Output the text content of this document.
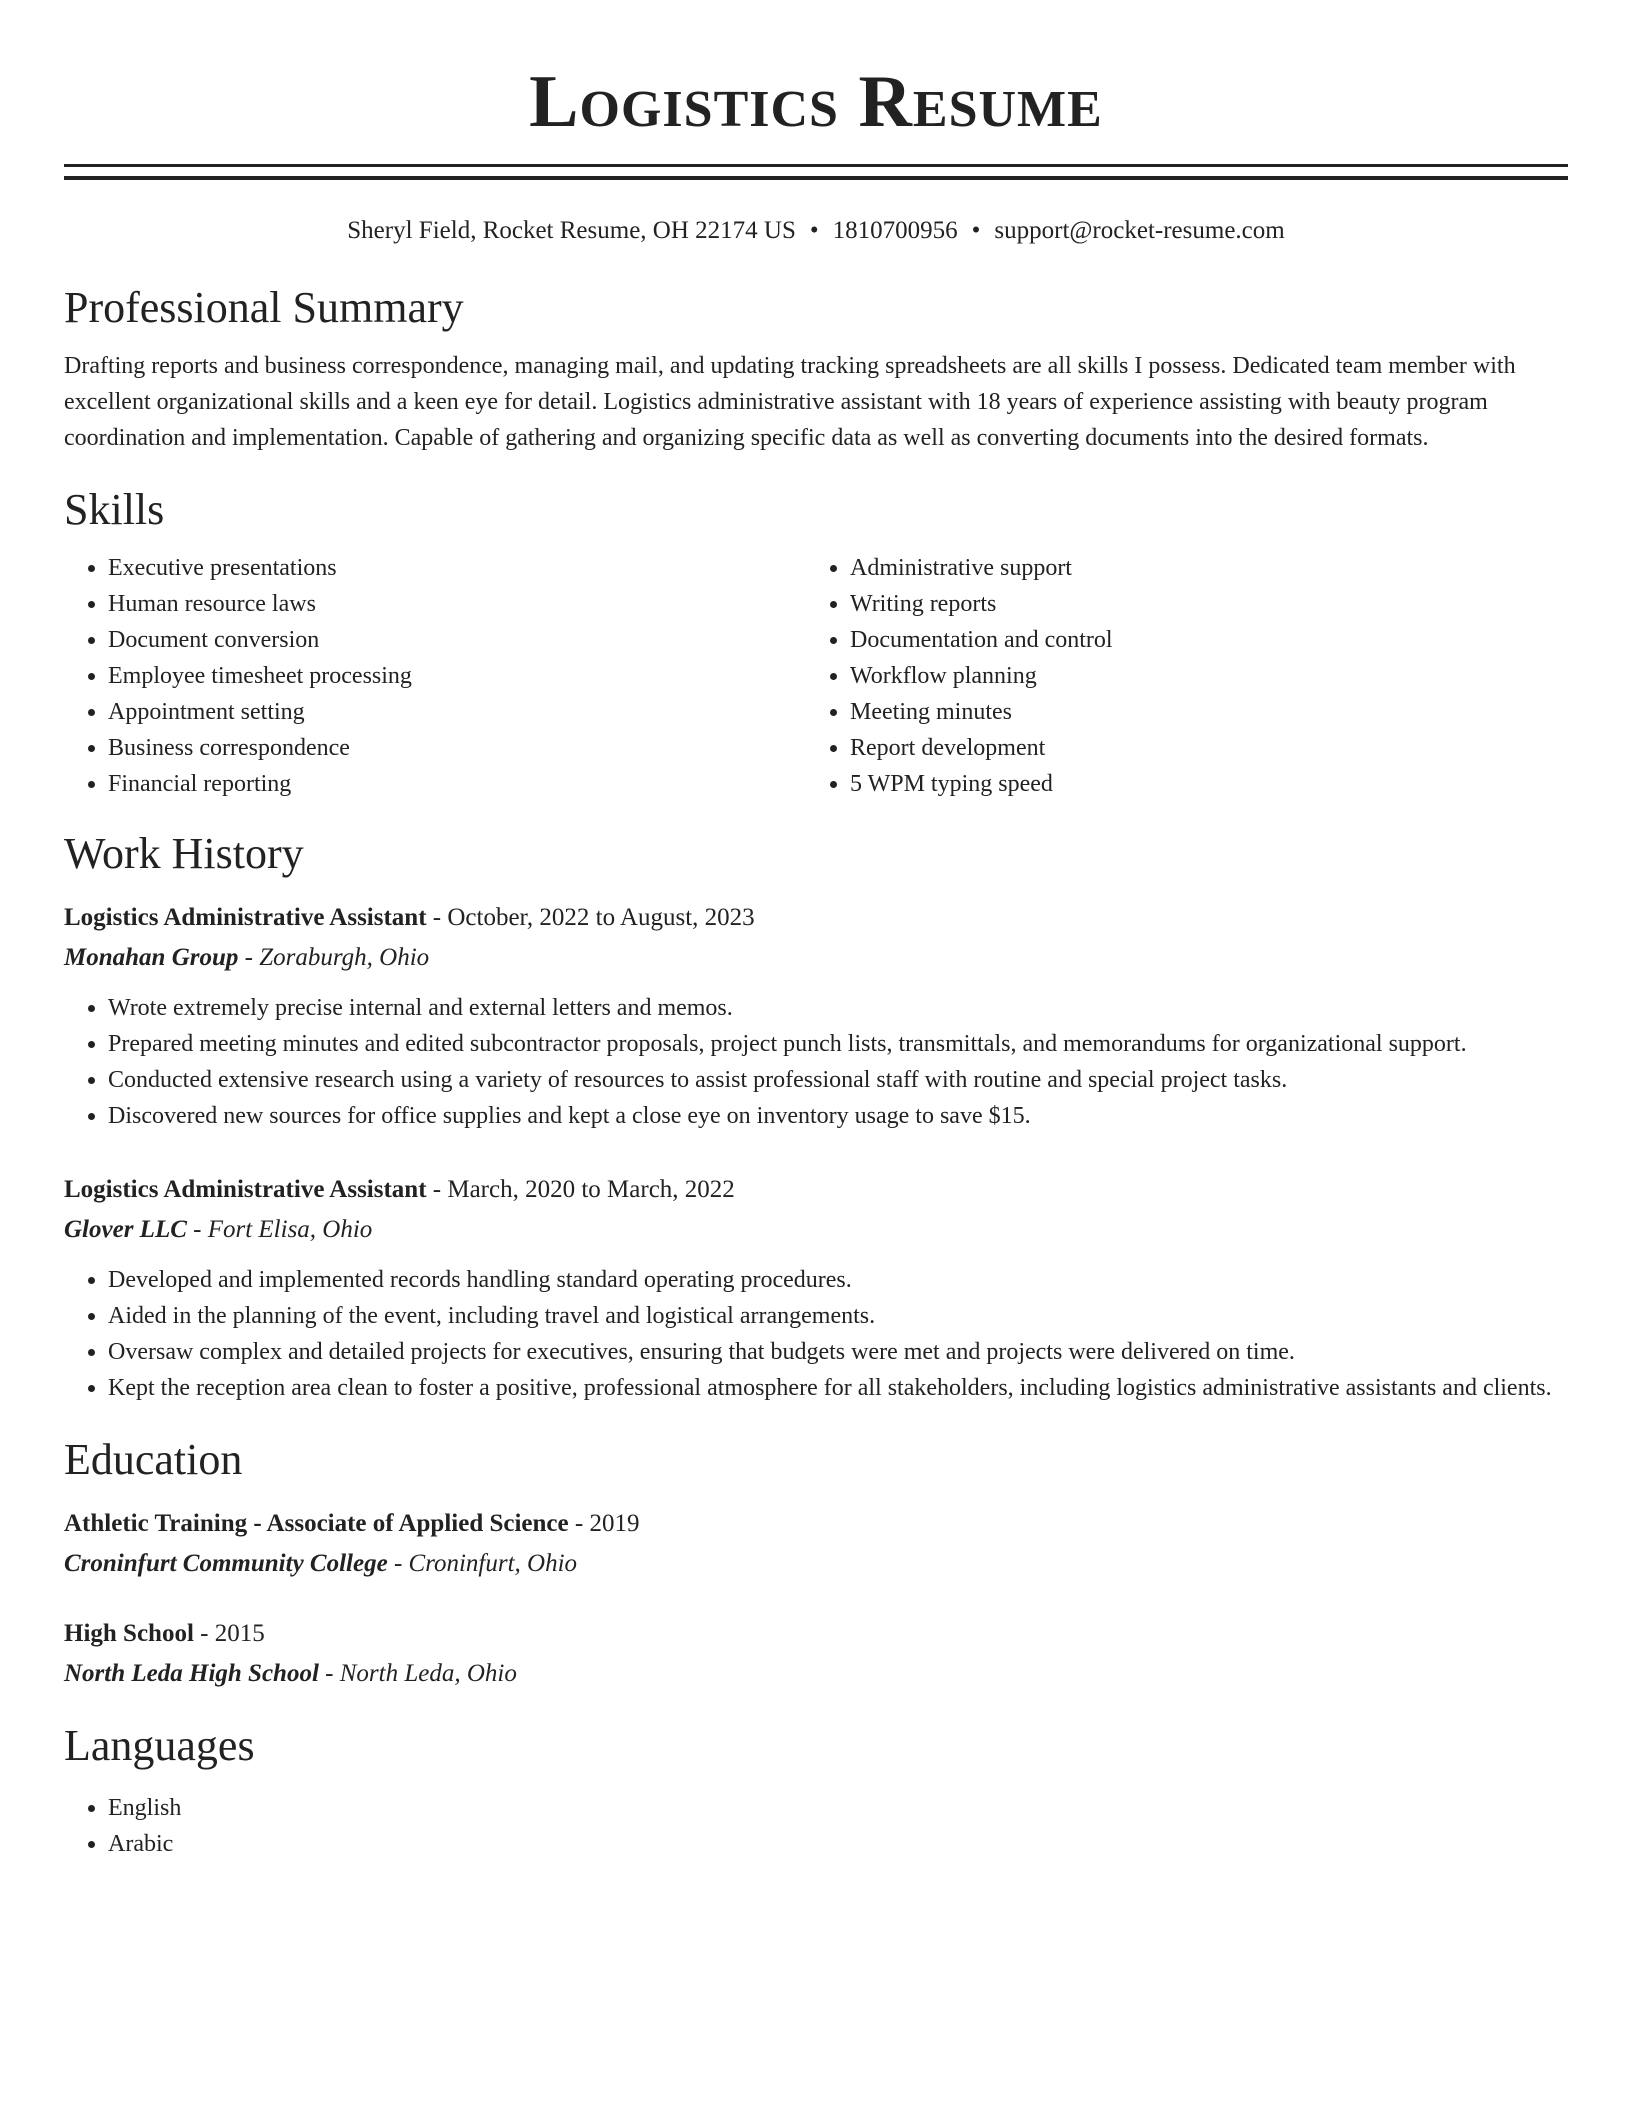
Logistics Resume
Sheryl Field, Rocket Resume, OH 22174 US • 1810700956 • support@rocket-resume.com
Professional Summary

Drafting reports and business correspondence, managing mail, and updating tracking spreadsheets are all skills I possess. Dedicated team member with excellent organizational skills and a keen eye for detail. Logistics administrative assistant with 18 years of experience assisting with beauty program coordination and implementation. Capable of gathering and organizing specific data as well as converting documents into the desired formats.

Skills
• Executive presentations
• Human resource laws
• Document conversion
• Employee timesheet processing
• Appointment setting
• Business correspondence
• Financial reporting
• Administrative support
• Writing reports
• Documentation and control
• Workflow planning
• Meeting minutes
• Report development
• 5 WPM typing speed
Work History
Logistics Administrative Assistant - October, 2022 to August, 2023
Monahan Group - Zoraburgh, Ohio
• Wrote extremely precise internal and external letters and memos.
• Prepared meeting minutes and edited subcontractor proposals, project punch lists, transmittals, and memorandums for organizational support.
• Conducted extensive research using a variety of resources to assist professional staff with routine and special project tasks.
• Discovered new sources for office supplies and kept a close eye on inventory usage to save $15.
Logistics Administrative Assistant - March, 2020 to March, 2022
Glover LLC - Fort Elisa, Ohio
• Developed and implemented records handling standard operating procedures.
• Aided in the planning of the event, including travel and logistical arrangements.
• Oversaw complex and detailed projects for executives, ensuring that budgets were met and projects were delivered on time.
• Kept the reception area clean to foster a positive, professional atmosphere for all stakeholders, including logistics administrative assistants and clients.
Education
Athletic Training - Associate of Applied Science - 2019
Croninfurt Community College - Croninfurt, Ohio
High School - 2015
North Leda High School - North Leda, Ohio
Languages
• English
• Arabic
